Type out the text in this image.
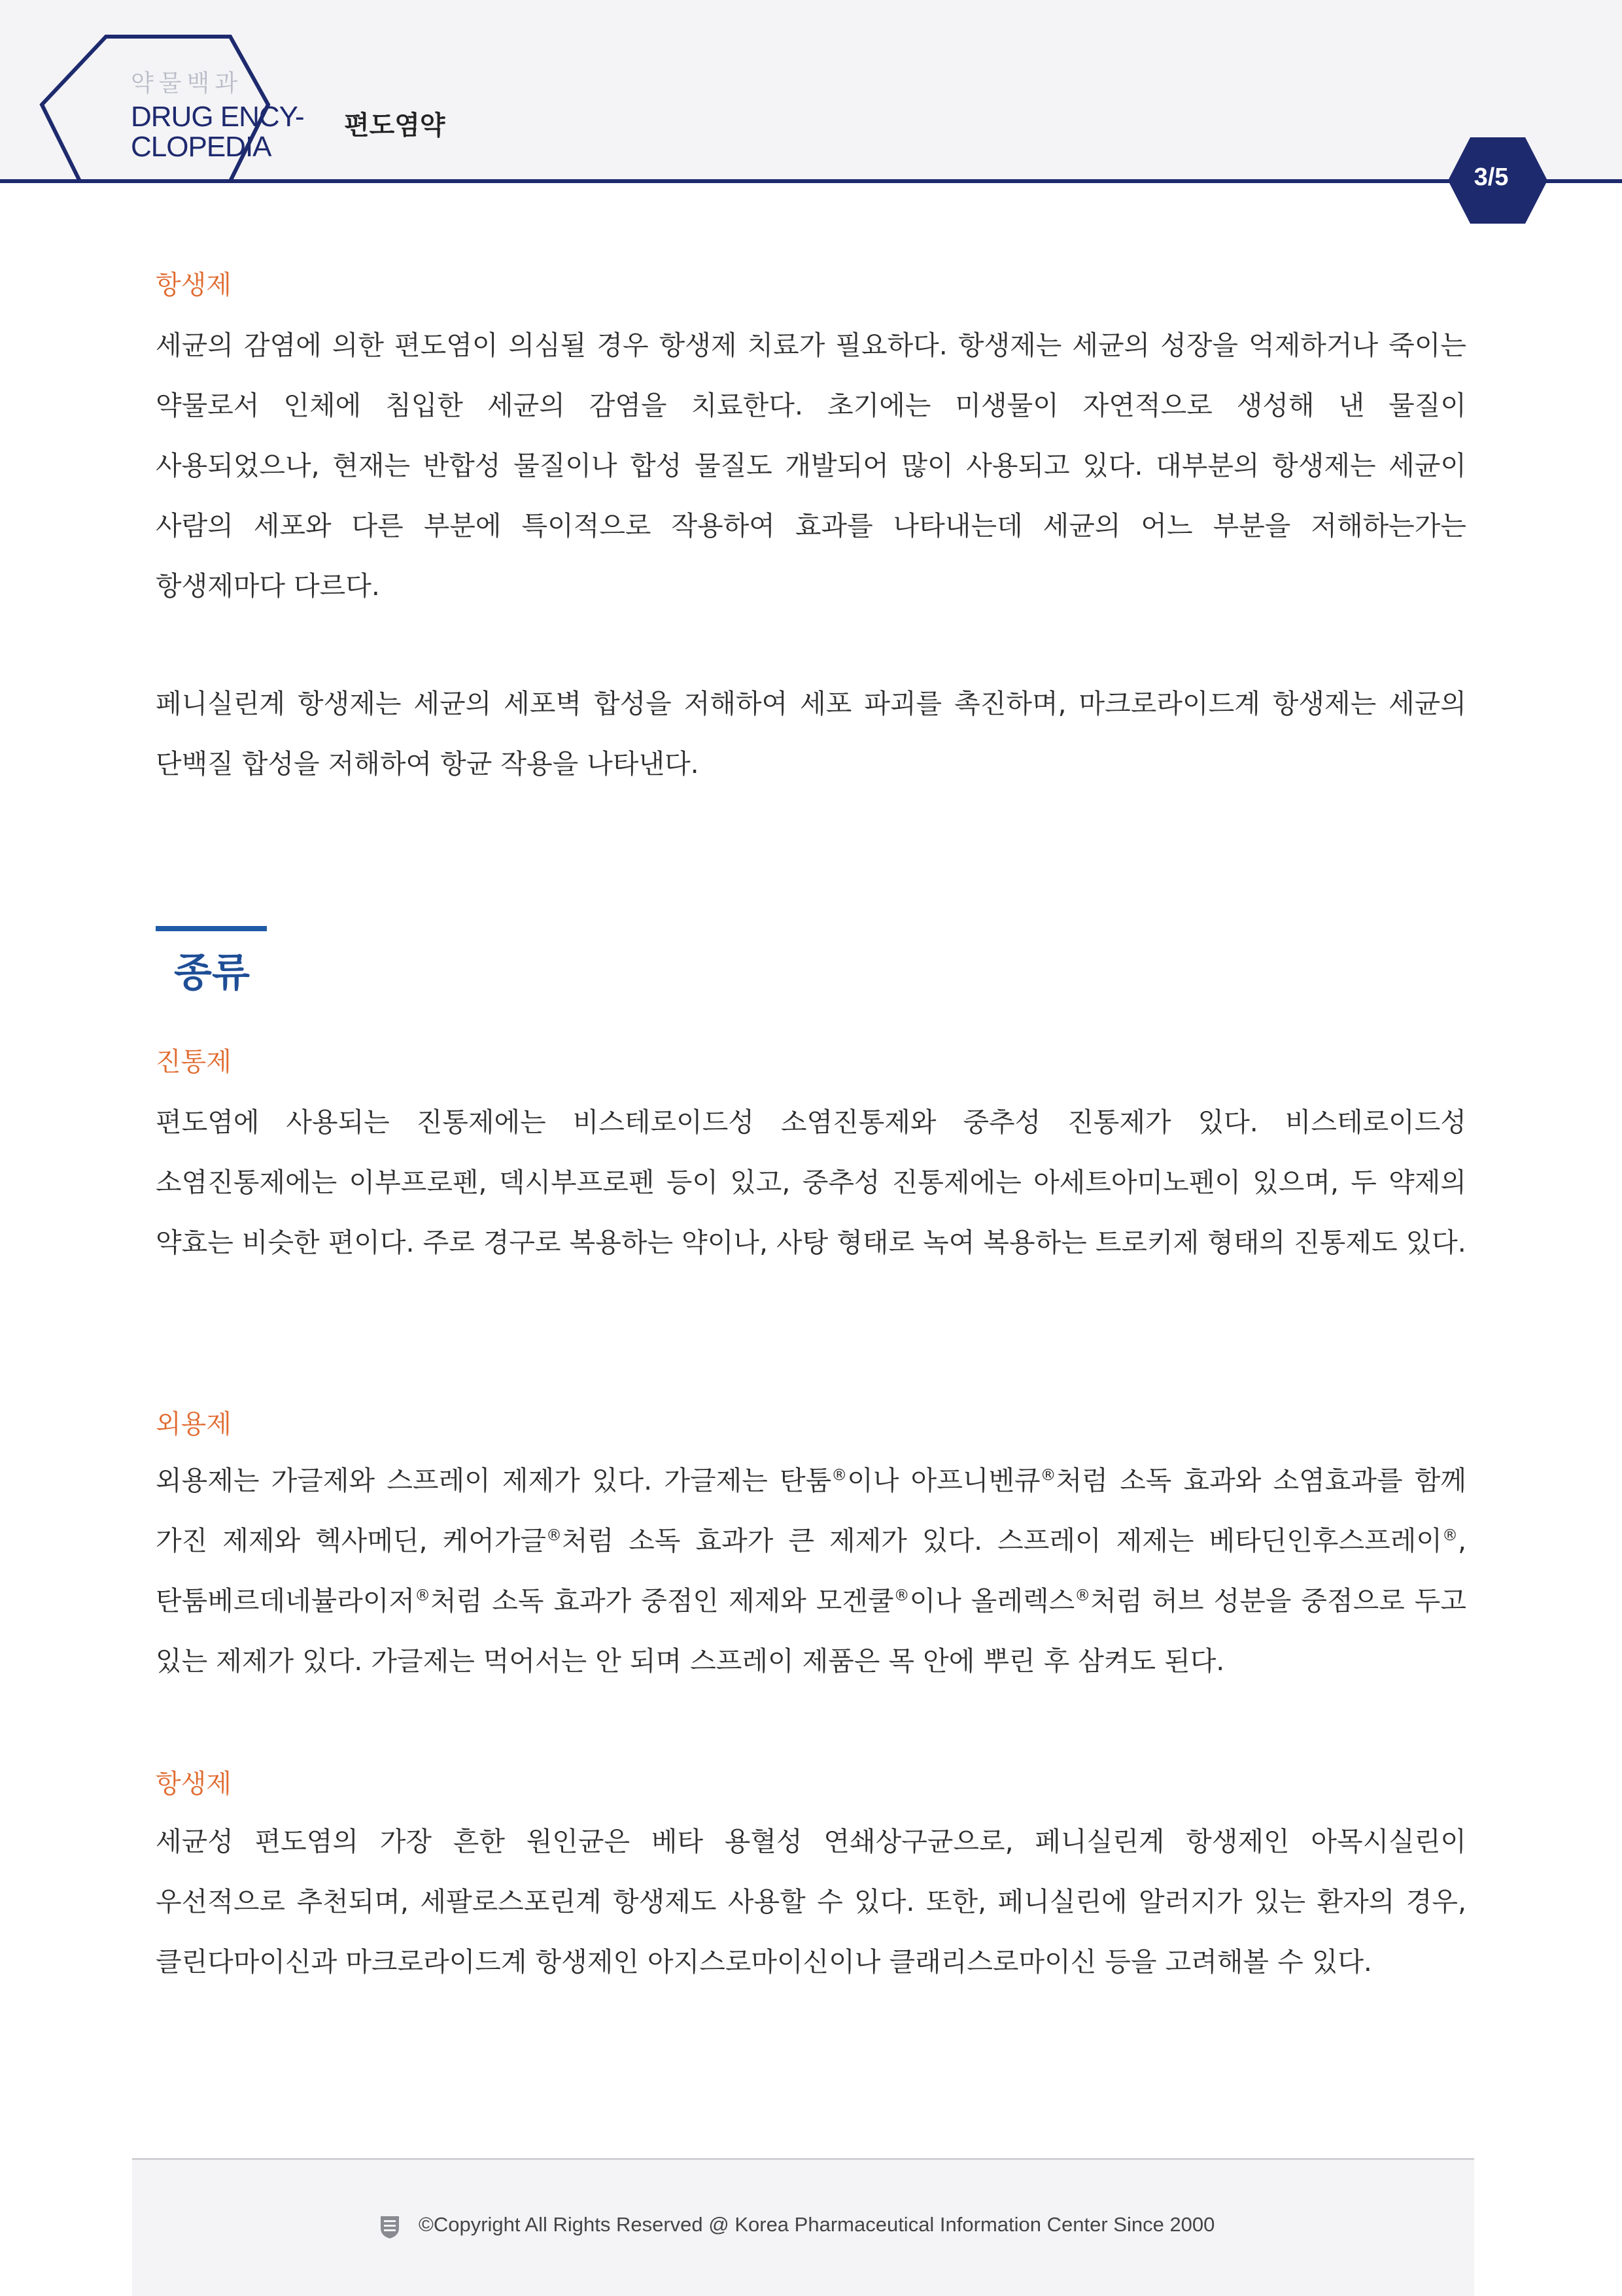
약물백과
DRUG ENCY-
CLOPEDIA
편도염약
3/5
항생제
세균의 감염에 의한 편도염이 의심될 경우 항생제 치료가 필요하다. 항생제는 세균의 성장을 억제하거나 죽이는 약물로서 인체에 침입한 세균의 감염을 치료한다. 초기에는 미생물이 자연적으로 생성해 낸 물질이 사용되었으나, 현재는 반합성 물질이나 합성 물질도 개발되어 많이 사용되고 있다. 대부분의 항생제는 세균이 사람의 세포와 다른 부분에 특이적으로 작용하여 효과를 나타내는데 세균의 어느 부분을 저해하는가는 항생제마다 다르다.
페니실린계 항생제는 세균의 세포벽 합성을 저해하여 세포 파괴를 촉진하며, 마크로라이드계 항생제는 세균의 단백질 합성을 저해하여 항균 작용을 나타낸다.
종류
진통제
편도염에 사용되는 진통제에는 비스테로이드성 소염진통제와 중추성 진통제가 있다. 비스테로이드성 소염진통제에는 이부프로펜, 덱시부프로펜 등이 있고, 중추성 진통제에는 아세트아미노펜이 있으며, 두 약제의 약효는 비슷한 편이다. 주로 경구로 복용하는 약이나, 사탕 형태로 녹여 복용하는 트로키제 형태의 진통제도 있다.
외용제
외용제는 가글제와 스프레이 제제가 있다. 가글제는 탄툼®이나 아프니벤큐®처럼 소독 효과와 소염효과를 함께 가진 제제와 헥사메딘, 케어가글®처럼 소독 효과가 큰 제제가 있다. 스프레이 제제는 베타딘인후스프레이®, 탄툼베르데네뷸라이저®처럼 소독 효과가 중점인 제제와 모겐쿨®이나 올레렉스®처럼 허브 성분을 중점으로 두고 있는 제제가 있다. 가글제는 먹어서는 안 되며 스프레이 제품은 목 안에 뿌린 후 삼켜도 된다.
항생제
세균성 편도염의 가장 흔한 원인균은 베타 용혈성 연쇄상구균으로, 페니실린계 항생제인 아목시실린이 우선적으로 추천되며, 세팔로스포린계 항생제도 사용할 수 있다. 또한, 페니실린에 알러지가 있는 환자의 경우, 클린다마이신과 마크로라이드계 항생제인 아지스로마이신이나 클래리스로마이신 등을 고려해볼 수 있다.
©Copyright All Rights Reserved @ Korea Pharmaceutical Information Center Since 2000
